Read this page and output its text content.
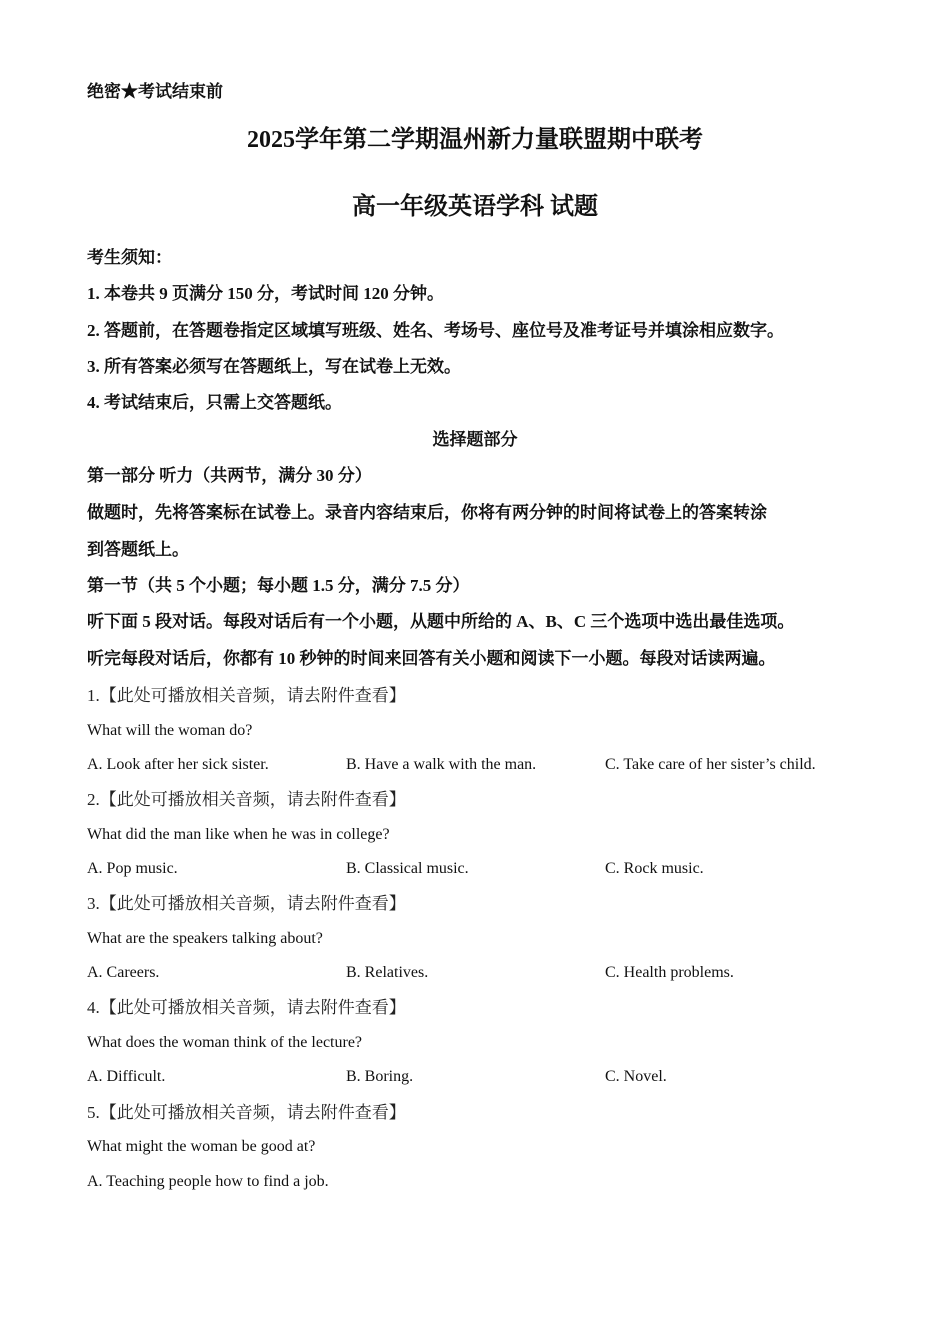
绝密★考试结束前
2025学年第二学期温州新力量联盟期中联考
高一年级英语学科 试题
考生须知：
1. 本卷共 9 页满分 150 分，考试时间 120 分钟。
2. 答题前，在答题卷指定区域填写班级、姓名、考场号、座位号及准考证号并填涂相应数字。
3. 所有答案必须写在答题纸上，写在试卷上无效。
4. 考试结束后，只需上交答题纸。
选择题部分
第一部分 听力（共两节，满分 30 分）
做题时，先将答案标在试卷上。录音内容结束后，你将有两分钟的时间将试卷上的答案转涂
到答题纸上。
第一节（共 5 个小题；每小题 1.5 分，满分 7.5 分）
听下面 5 段对话。每段对话后有一个小题，从题中所给的 A、B、C 三个选项中选出最佳选项。
听完每段对话后，你都有 10 秒钟的时间来回答有关小题和阅读下一小题。每段对话读两遍。
1.【此处可播放相关音频，请去附件查看】
What will the woman do?
A. Look after her sick sister.	B. Have a walk with the man.	C. Take care of her sister’s child.
2.【此处可播放相关音频，请去附件查看】
What did the man like when he was in college?
A. Pop music.	B. Classical music.	C. Rock music.
3.【此处可播放相关音频，请去附件查看】
What are the speakers talking about?
A. Careers.	B. Relatives.	C. Health problems.
4.【此处可播放相关音频，请去附件查看】
What does the woman think of the lecture?
A. Difficult.	B. Boring.	C. Novel.
5.【此处可播放相关音频，请去附件查看】
What might the woman be good at?
A. Teaching people how to find a job.
